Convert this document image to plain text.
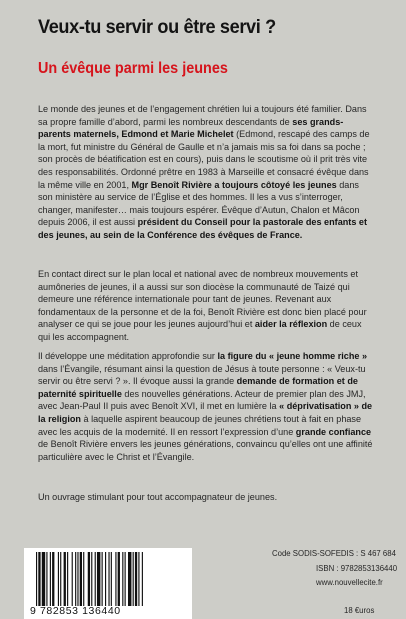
Veux-tu servir ou être servi ?
Un évêque parmi les jeunes
Le monde des jeunes et de l’engagement chrétien lui a toujours été familier. Dans sa propre famille d’abord, parmi les nombreux descendants de ses grands-parents maternels, Edmond et Marie Michelet (Edmond, rescapé des camps de la mort, fut ministre du Général de Gaulle et n’a jamais mis sa foi dans sa poche ; son procès de béatification est en cours), puis dans le scoutisme où il prit très vite des responsabilités. Ordonné prêtre en 1983 à Marseille et consacré évêque dans la même ville en 2001, Mgr Benoît Rivière a toujours côtoyé les jeunes dans son ministère au service de l’Église et des hommes. Il les a vus s’interroger, changer, manifester… mais toujours espérer. Évêque d’Autun, Chalon et Mâcon depuis 2006, il est aussi président du Conseil pour la pastorale des enfants et des jeunes, au sein de la Conférence des évêques de France.
En contact direct sur le plan local et national avec de nombreux mouvements et aumôneries de jeunes, il a aussi sur son diocèse la communauté de Taizé qui demeure une référence internationale pour tant de jeunes. Revenant aux fondamentaux de la personne et de la foi, Benoît Rivière est donc bien placé pour analyser ce qui se joue pour les jeunes aujourd’hui et aider la réflexion de ceux qui les accompagnent.
Il développe une méditation approfondie sur la figure du « jeune homme riche » dans l’Évangile, résumant ainsi la question de Jésus à toute personne : « Veux-tu servir ou être servi ? ». Il évoque aussi la grande demande de formation et de paternité spirituelle des nouvelles générations. Acteur de premier plan des JMJ, avec Jean-Paul II puis avec Benoît XVI, il met en lumière la « déprivatisation » de la religion à laquelle aspirent beaucoup de jeunes chrétiens tout à fait en phase avec les acquis de la modernité. Il en ressort l’expression d’une grande confiance de Benoît Rivière envers les jeunes générations, convaincu qu’elles ont une affinité particulière avec le Christ et l’Évangile.
Un ouvrage stimulant pour tout accompagnateur de jeunes.
9 782853 136440
Code SODIS-SOFEDIS : S 467 684
ISBN : 9782853136440
www.nouvellecite.fr
18 €uros
